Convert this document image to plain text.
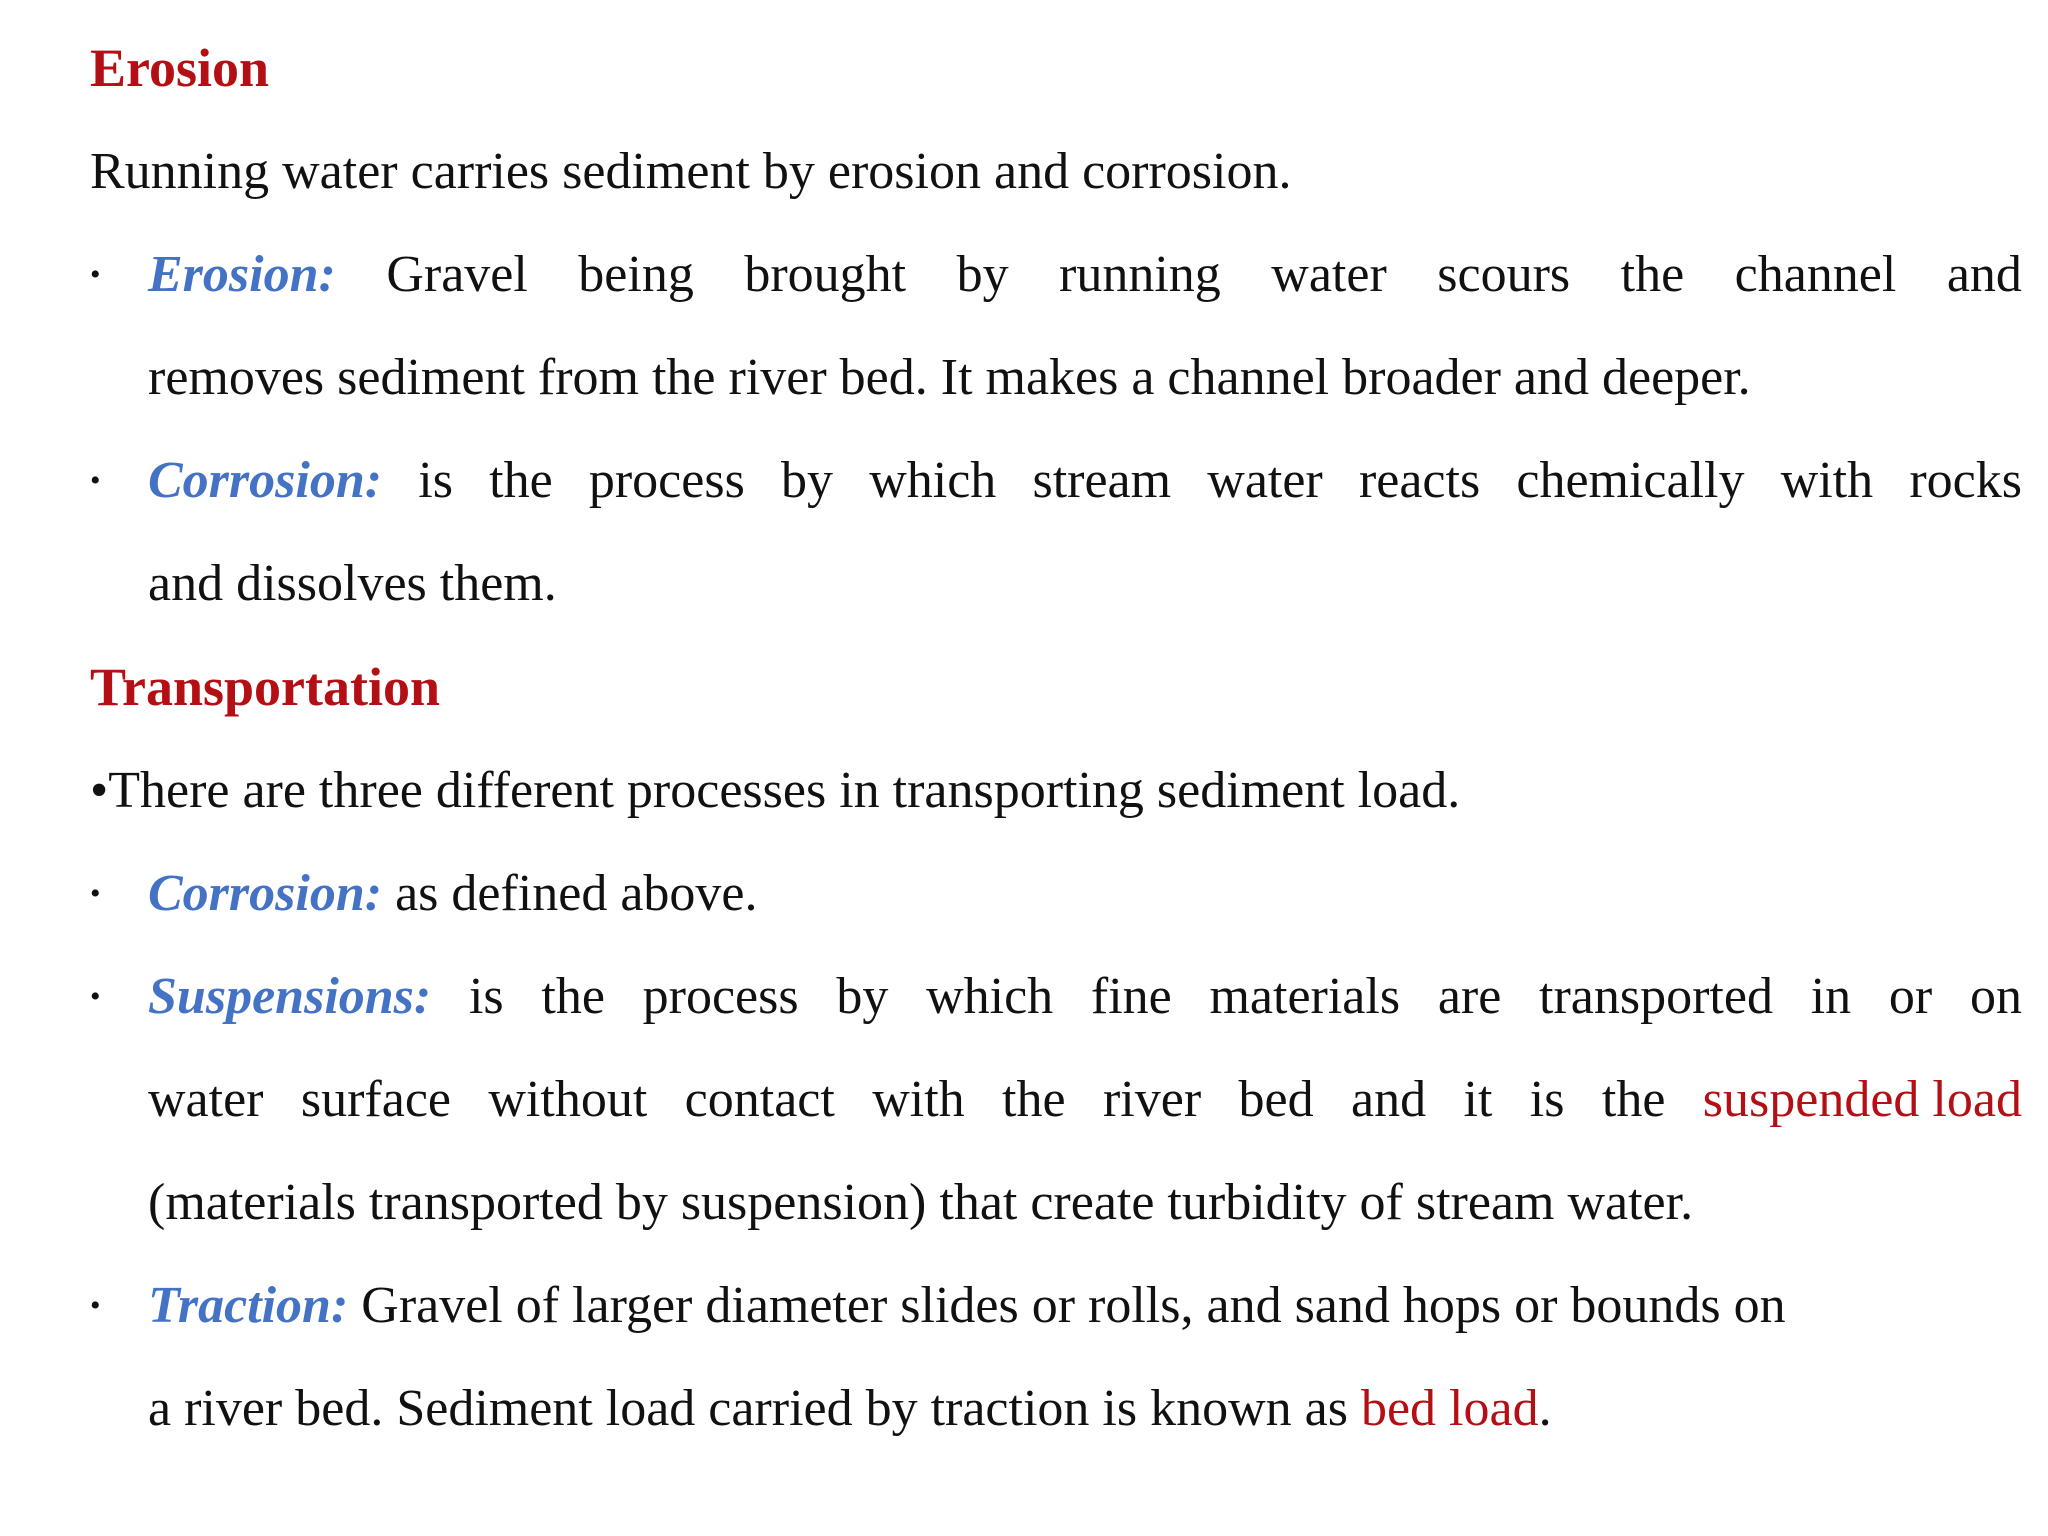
Erosion
Running water carries sediment by erosion and corrosion.
• Erosion: Gravel being brought by running water scours the channel and
removes sediment from the river bed. It makes a channel broader and deeper.
• Corrosion: is the process by which stream water reacts chemically with rocks
and dissolves them.
Transportation
•There are three different processes in transporting sediment load.
• Corrosion: as defined above.
• Suspensions: is the process by which fine materials are transported in or on
water surface without contact with the river bed and it is the suspended load
(materials transported by suspension) that create turbidity of stream water.
• Traction: Gravel of larger diameter slides or rolls, and sand hops or bounds on
a river bed. Sediment load carried by traction is known as bed load.
